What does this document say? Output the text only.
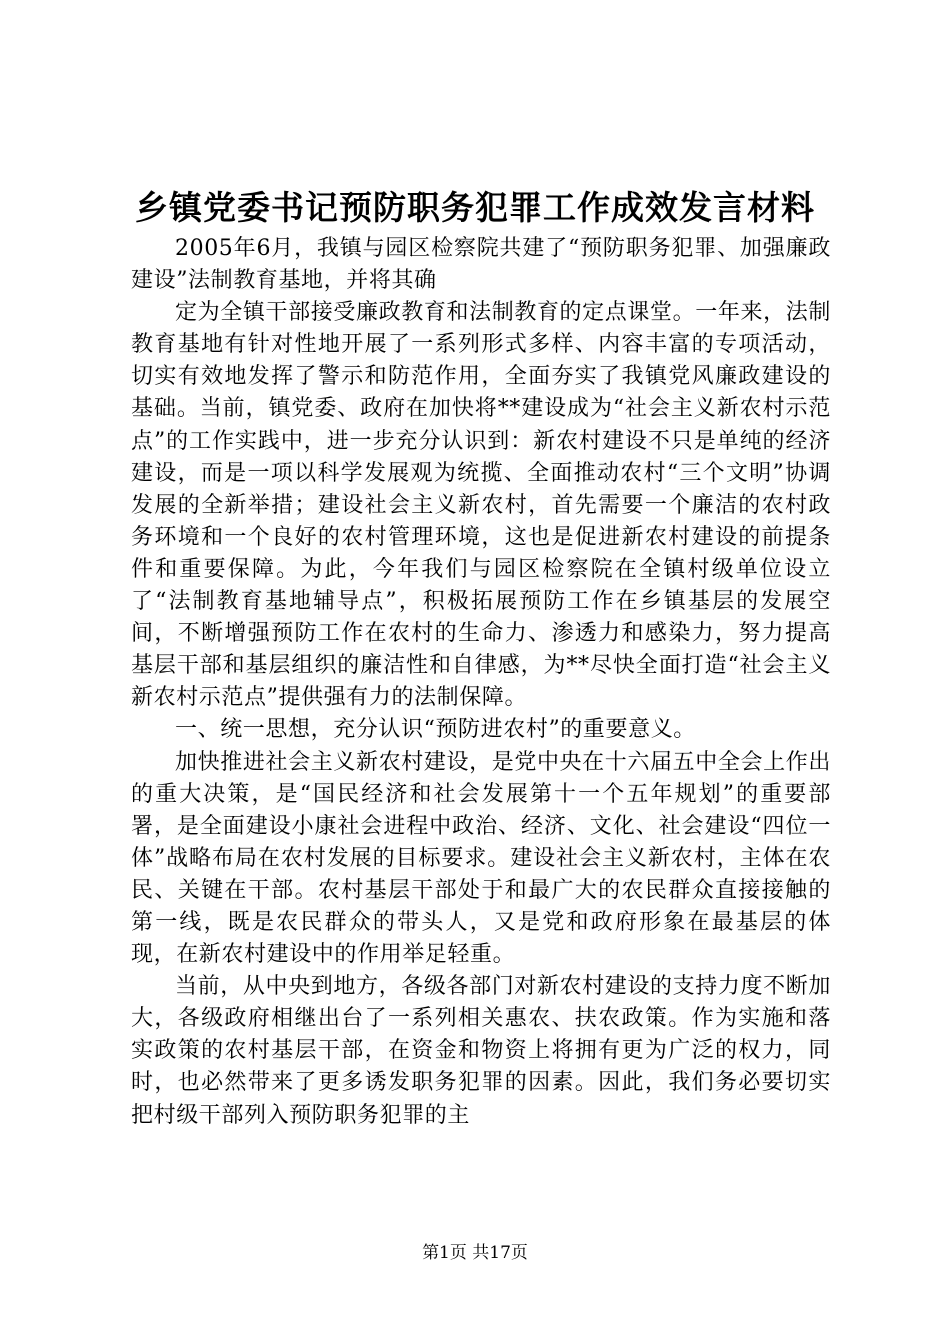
乡镇党委书记预防职务犯罪工作成效发言材料

2005年6月，我镇与园区检察院共建了“预防职务犯罪、加强廉政建设”法制教育基地，并将其确

定为全镇干部接受廉政教育和法制教育的定点课堂。一年来，法制教育基地有针对性地开展了一系列形式多样、内容丰富的专项活动，切实有效地发挥了警示和防范作用，全面夯实了我镇党风廉政建设的基础。当前，镇党委、政府在加快将**建设成为“社会主义新农村示范点”的工作实践中，进一步充分认识到：新农村建设不只是单纯的经济建设，而是一项以科学发展观为统揽、全面推动农村“三个文明”协调发展的全新举措；建设社会主义新农村，首先需要一个廉洁的农村政务环境和一个良好的农村管理环境，这也是促进新农村建设的前提条件和重要保障。为此，今年我们与园区检察院在全镇村级单位设立了“法制教育基地辅导点”，积极拓展预防工作在乡镇基层的发展空间，不断增强预防工作在农村的生命力、渗透力和感染力，努力提高基层干部和基层组织的廉洁性和自律感，为**尽快全面打造“社会主义新农村示范点”提供强有力的法制保障。

一、统一思想，充分认识“预防进农村”的重要意义。

加快推进社会主义新农村建设，是党中央在十六届五中全会上作出的重大决策，是“国民经济和社会发展第十一个五年规划”的重要部署，是全面建设小康社会进程中政治、经济、文化、社会建设“四位一体”战略布局在农村发展的目标要求。建设社会主义新农村，主体在农民、关键在干部。农村基层干部处于和最广大的农民群众直接接触的第一线，既是农民群众的带头人，又是党和政府形象在最基层的体现，在新农村建设中的作用举足轻重。

当前，从中央到地方，各级各部门对新农村建设的支持力度不断加大，各级政府相继出台了一系列相关惠农、扶农政策。作为实施和落实政策的农村基层干部，在资金和物资上将拥有更为广泛的权力，同时，也必然带来了更多诱发职务犯罪的因素。因此，我们务必要切实把村级干部列入预防职务犯罪的主

第1页 共17页
